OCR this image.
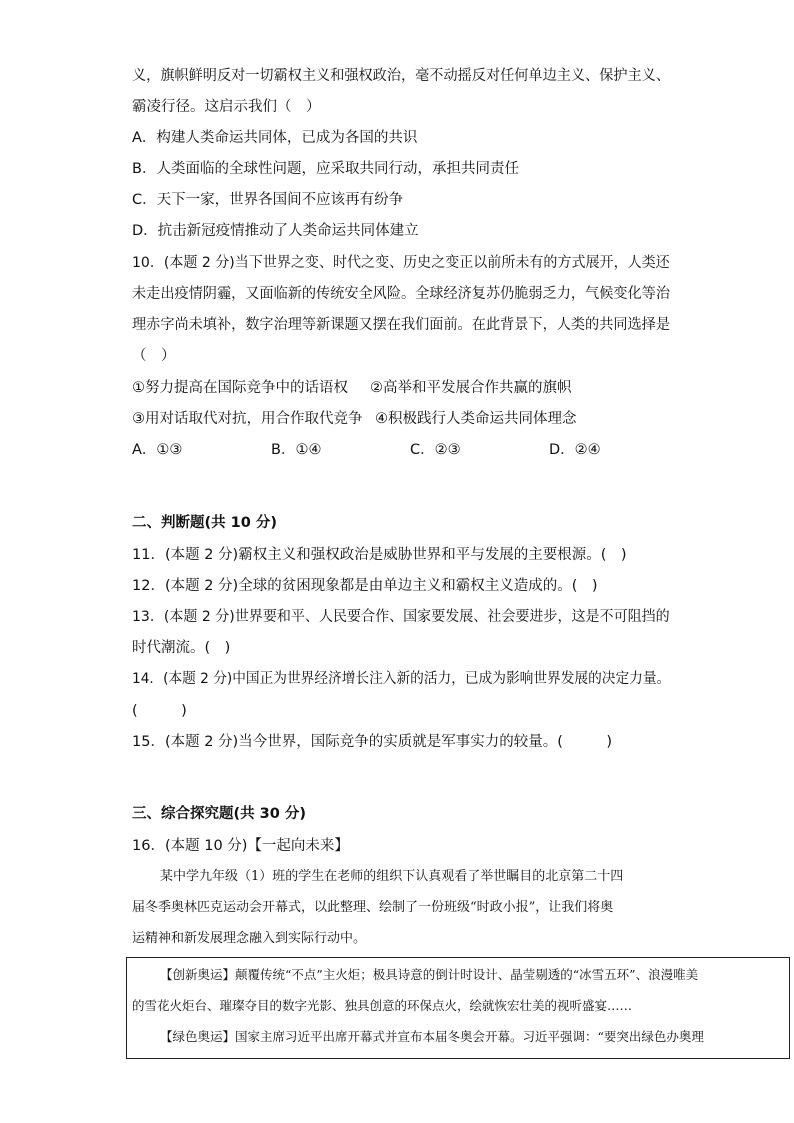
义，旗帜鲜明反对一切霸权主义和强权政治，毫不动摇反对任何单边主义、保护主义、
霸凌行径。这启示我们（　）
A．构建人类命运共同体，已成为各国的共识
B．人类面临的全球性问题，应采取共同行动，承担共同责任
C．天下一家，世界各国间不应该再有纷争
D．抗击新冠疫情推动了人类命运共同体建立
10．(本题 2 分)当下世界之变、时代之变、历史之变正以前所未有的方式展开，人类还
未走出疫情阴霾，又面临新的传统安全风险。全球经济复苏仍脆弱乏力，气候变化等治
理赤字尚未填补，数字治理等新课题又摆在我们面前。在此背景下，人类的共同选择是
（　）
①努力提高在国际竞争中的话语权 ②高举和平发展合作共赢的旗帜
③用对话取代对抗，用合作取代竞争 ④积极践行人类命运共同体理念
A．①③	B．①④	C．②③	D．②④
二、判断题(共 10 分)
11．(本题 2 分)霸权主义和强权政治是威胁世界和平与发展的主要根源。(　)
12．(本题 2 分)全球的贫困现象都是由单边主义和霸权主义造成的。(　)
13．(本题 2 分)世界要和平、人民要合作、国家要发展、社会要进步，这是不可阻挡的
时代潮流。(　)
14．(本题 2 分)中国正为世界经济增长注入新的活力，已成为影响世界发展的决定力量。
(　　　)
15．(本题 2 分)当今世界，国际竞争的实质就是军事实力的较量。(　　　)
三、综合探究题(共 30 分)
16．(本题 10 分)【一起向未来】
某中学九年级（1）班的学生在老师的组织下认真观看了举世瞩目的北京第二十四
届冬季奥林匹克运动会开幕式，以此整理、绘制了一份班级“时政小报”，让我们将奥
运精神和新发展理念融入到实际行动中。
【创新奥运】颠覆传统“不点”主火炬；极具诗意的倒计时设计、晶莹剔透的“冰雪五环”、浪漫唯美
的雪花火炬台、璀璨夺目的数字光影、独具创意的环保点火，绘就恢宏壮美的视听盛宴……
【绿色奥运】国家主席习近平出席开幕式并宣布本届冬奥会开幕。习近平强调：“要突出绿色办奥理
